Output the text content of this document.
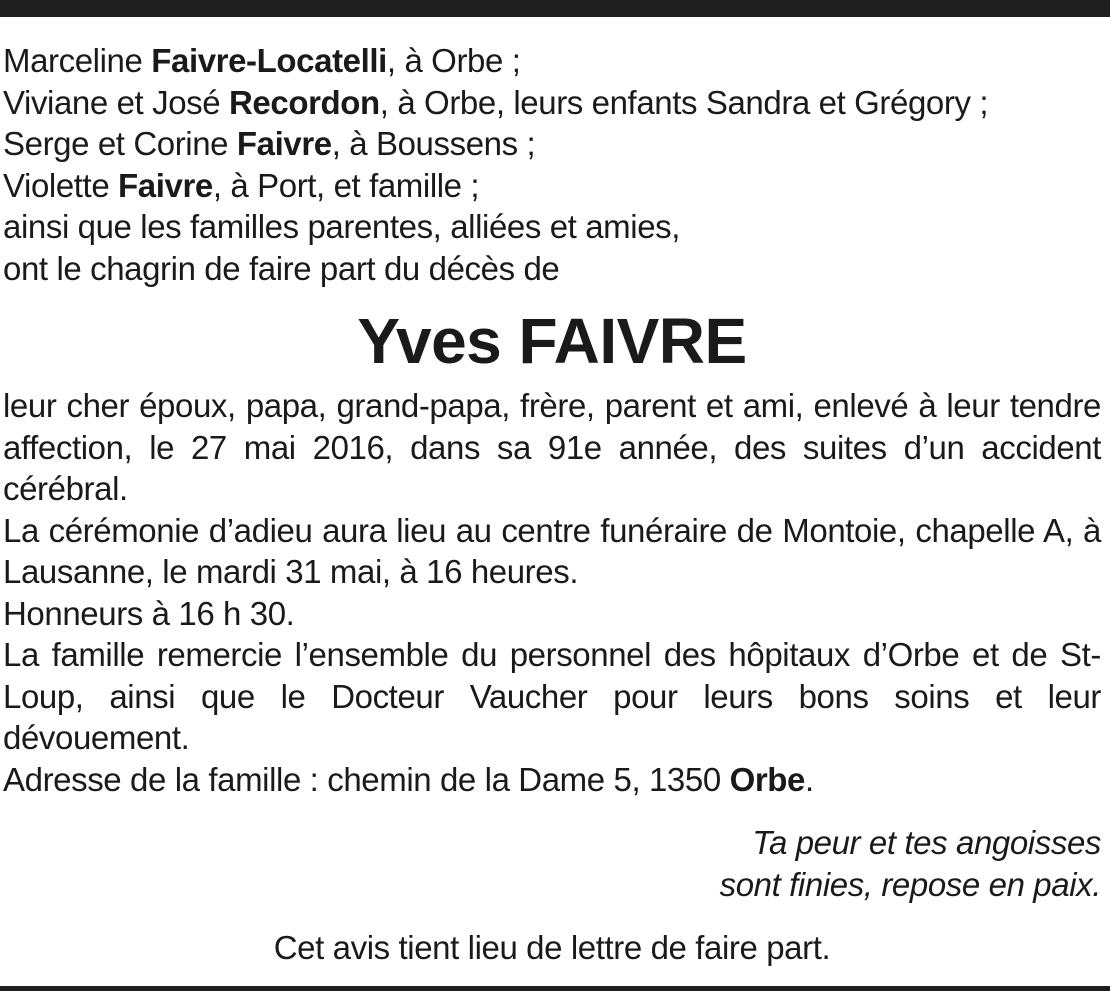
Marceline Faivre-Locatelli, à Orbe ;
Viviane et José Recordon, à Orbe, leurs enfants Sandra et Grégory ;
Serge et Corine Faivre, à Boussens ;
Violette Faivre, à Port, et famille ;
ainsi que les familles parentes, alliées et amies,
ont le chagrin de faire part du décès de
Yves FAIVRE

leur cher époux, papa, grand-papa, frère, parent et ami, enlevé à leur tendre affection, le 27 mai 2016, dans sa 91e année, des suites d’un accident cérébral.

La cérémonie d’adieu aura lieu au centre funéraire de Montoie, chapelle A, à Lausanne, le mardi 31 mai, à 16 heures.

Honneurs à 16 h 30.

La famille remercie l’ensemble du personnel des hôpitaux d’Orbe et de St-Loup, ainsi que le Docteur Vaucher pour leurs bons soins et leur dévouement.

Adresse de la famille : chemin de la Dame 5, 1350 Orbe.
Ta peur et tes angoisses
sont finies, repose en paix.
Cet avis tient lieu de lettre de faire part.
